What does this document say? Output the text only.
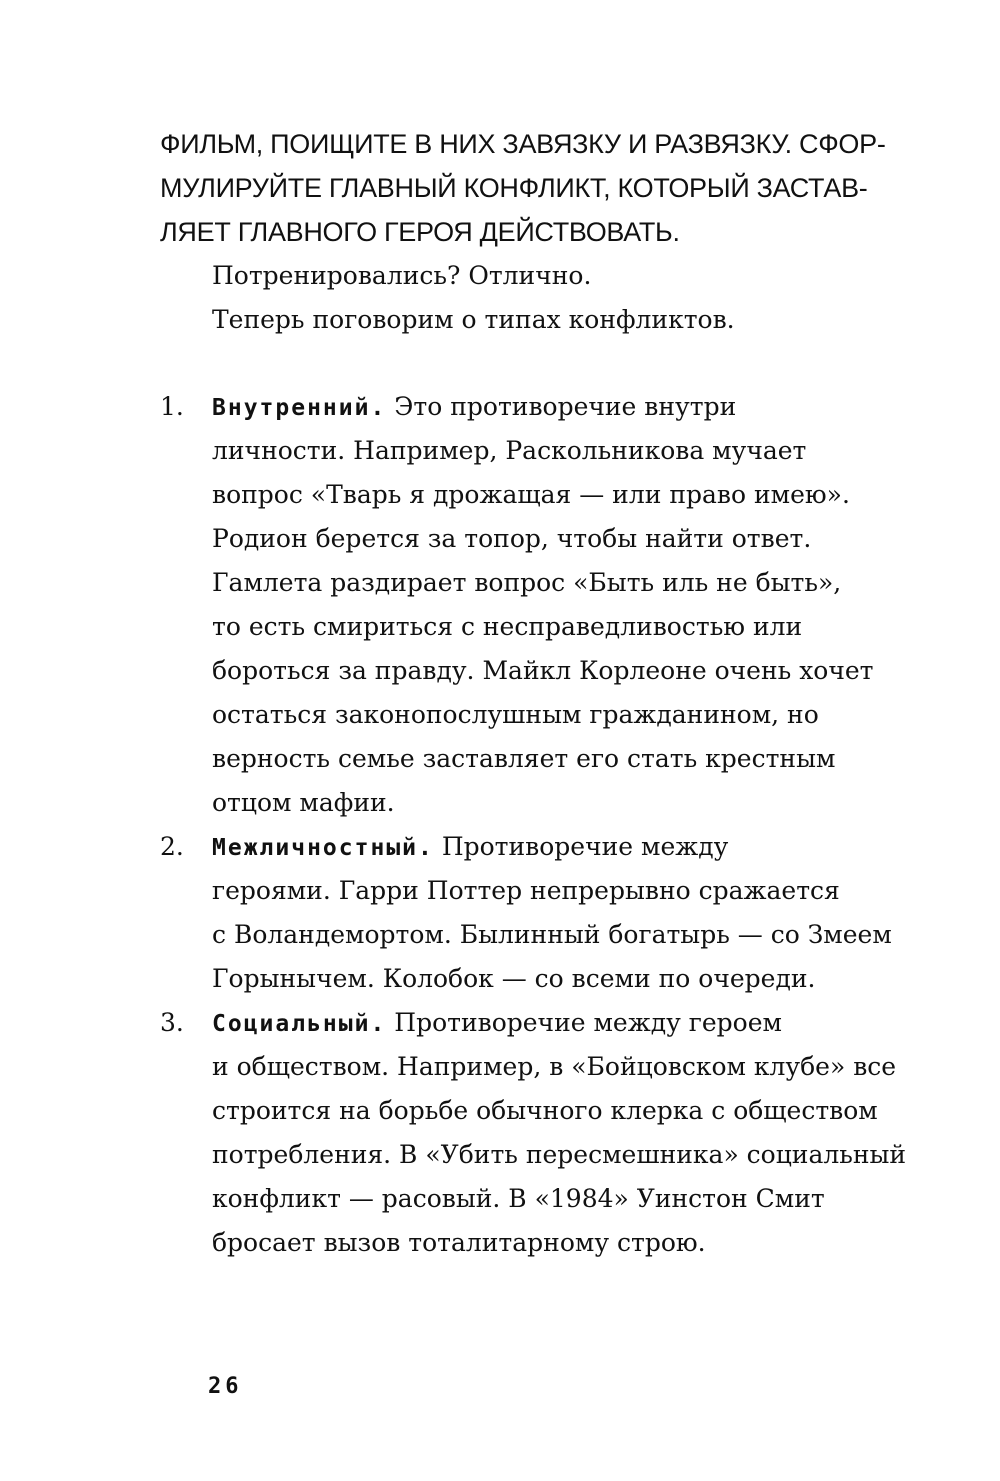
ФИЛЬМ, ПОИЩИТЕ В НИХ ЗАВЯЗКУ И РАЗВЯЗКУ. СФОР-
МУЛИРУЙТЕ ГЛАВНЫЙ КОНФЛИКТ, КОТОРЫЙ ЗАСТАВ-
ЛЯЕТ ГЛАВНОГО ГЕРОЯ ДЕЙСТВОВАТЬ.
Потренировались? Отлично.
Теперь поговорим о типах конфликтов.
1. Внутренний. Это противоречие внутри
личности. Например, Раскольникова мучает
вопрос «Тварь я дрожащая — или право имею».
Родион берется за топор, чтобы найти ответ.
Гамлета раздирает вопрос «Быть иль не быть»,
то есть смириться с несправедливостью или
бороться за правду. Майкл Корлеоне очень хочет
остаться законопослушным гражданином, но
верность семье заставляет его стать крестным
отцом мафии.
2. Межличностный. Противоречие между
героями. Гарри Поттер непрерывно сражается
с Воландемортом. Былинный богатырь — со Змеем
Горынычем. Колобок — со всеми по очереди.
3. Социальный. Противоречие между героем
и обществом. Например, в «Бойцовском клубе» все
строится на борьбе обычного клерка с обществом
потребления. В «Убить пересмешника» социальный
конфликт — расовый. В «1984» Уинстон Смит
бросает вызов тоталитарному строю.
26
